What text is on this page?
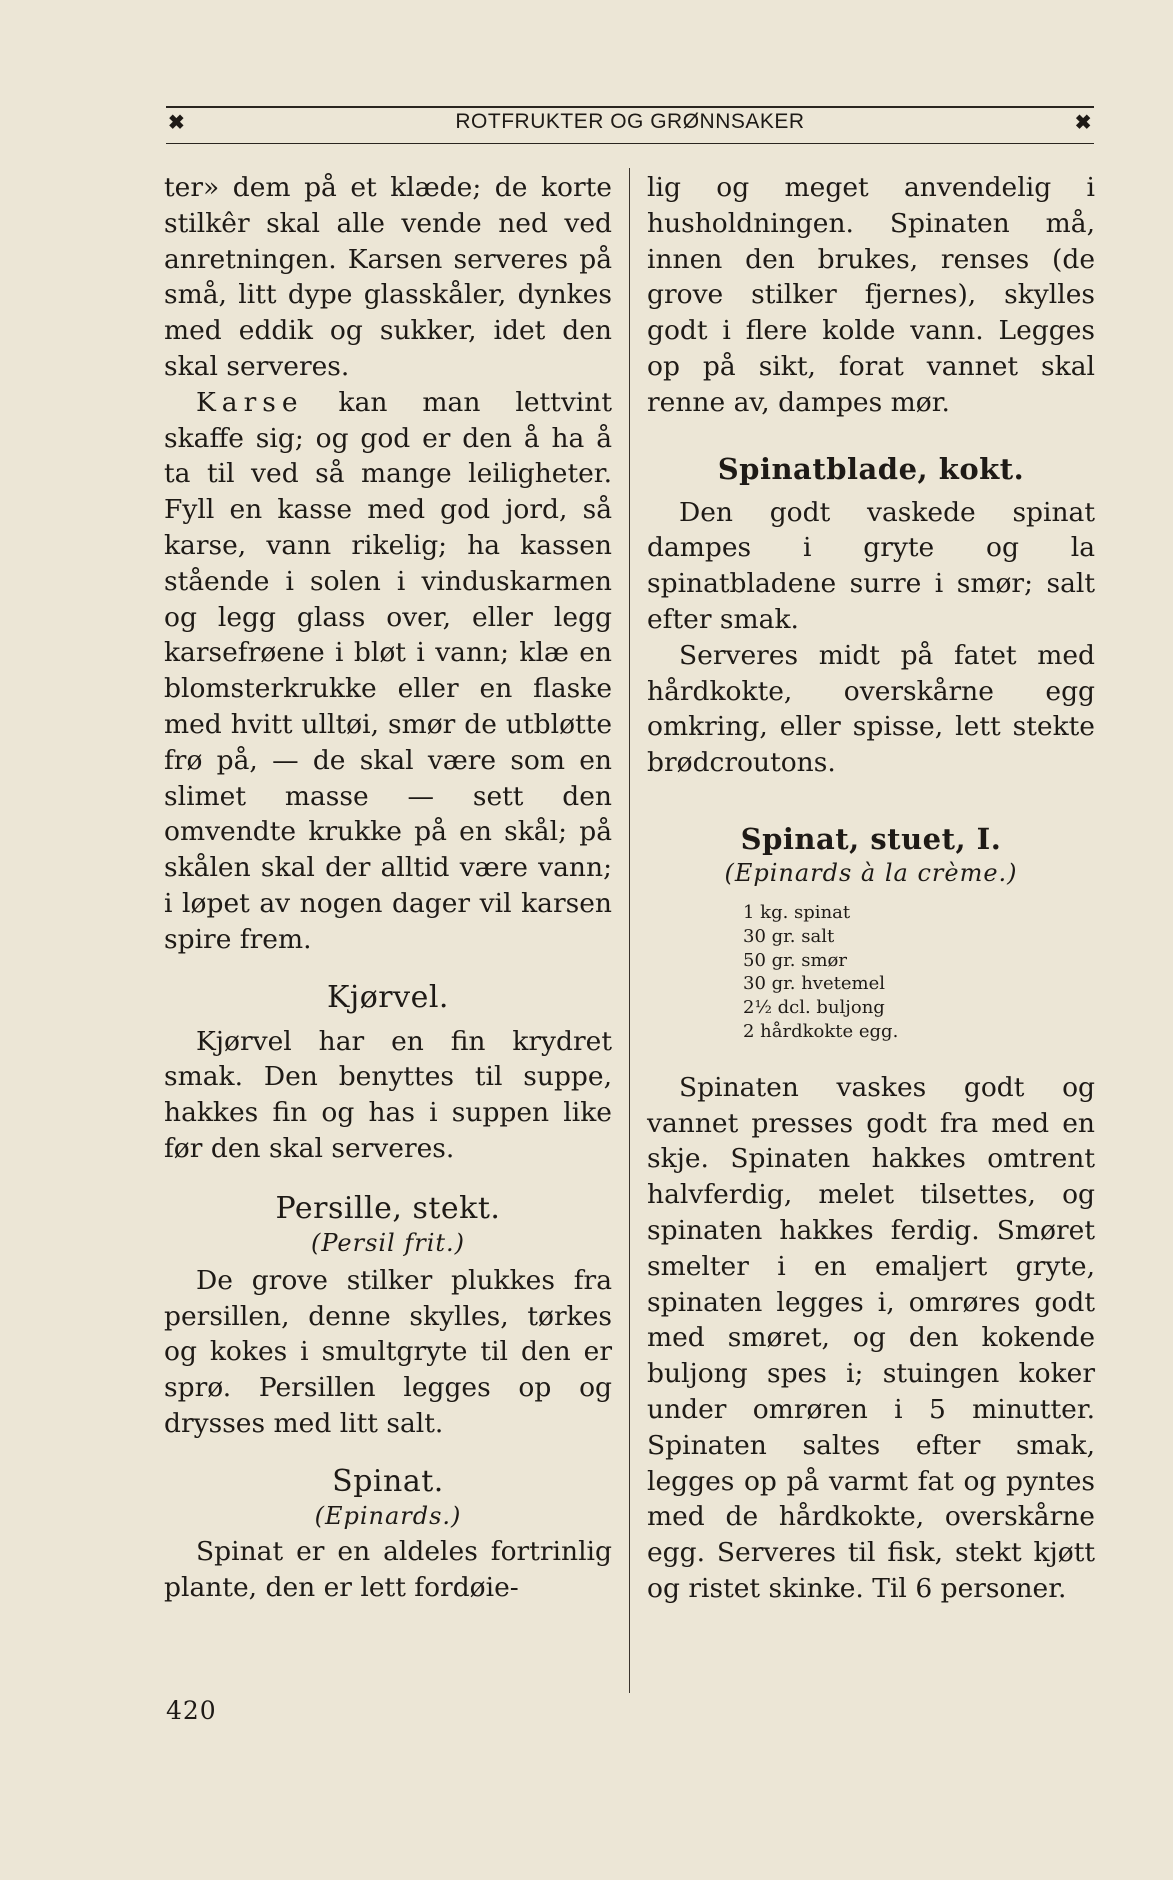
✖	ROTFRUKTER OG GRØNNSAKER	✖

ter» dem på et klæde; de korte stilkêr skal alle vende ned ved anretningen. Karsen serveres på små, litt dype glasskåler, dynkes med eddik og sukker, idet den skal serveres.

Karse kan man lettvint skaffe sig; og god er den å ha å ta til ved så mange leiligheter. Fyll en kasse med god jord, så karse, vann rikelig; ha kassen stående i solen i vinduskarmen og legg glass over, eller legg karsefrøene i bløt i vann; klæ en blomsterkrukke eller en flaske med hvitt ulltøi, smør de utbløtte frø på, — de skal være som en slimet masse — sett den omvendte krukke på en skål; på skålen skal der alltid være vann; i løpet av nogen dager vil karsen spire frem.

Kjørvel.

Kjørvel har en fin krydret smak. Den benyttes til suppe, hakkes fin og has i suppen like før den skal serveres.

Persille, stekt.
(Persil frit.)

De grove stilker plukkes fra persillen, denne skylles, tørkes og kokes i smultgryte til den er sprø. Persillen legges op og drysses med litt salt.

Spinat.
(Epinards.)

Spinat er en aldeles fortrinlig plante, den er lett fordøie-

lig og meget anvendelig i husholdningen. Spinaten må, innen den brukes, renses (de grove stilker fjernes), skylles godt i flere kolde vann. Legges op på sikt, forat vannet skal renne av, dampes mør.

Spinatblade, kokt.

Den godt vaskede spinat dampes i gryte og la spinatbladene surre i smør; salt efter smak.

Serveres midt på fatet med hårdkokte, overskårne egg omkring, eller spisse, lett stekte brødcroutons.

Spinat, stuet, I.
(Epinards à la crème.)
1 kg. spinat
30 gr. salt
50 gr. smør
30 gr. hvetemel
2½ dcl. buljong
2 hårdkokte egg.

Spinaten vaskes godt og vannet presses godt fra med en skje. Spinaten hakkes omtrent halvferdig, melet tilsettes, og spinaten hakkes ferdig. Smøret smelter i en emaljert gryte, spinaten legges i, omrøres godt med smøret, og den kokende buljong spes i; stuingen koker under omrøren i 5 minutter. Spinaten saltes efter smak, legges op på varmt fat og pyntes med de hårdkokte, overskårne egg. Serveres til fisk, stekt kjøtt og ristet skinke. Til 6 personer.

420
